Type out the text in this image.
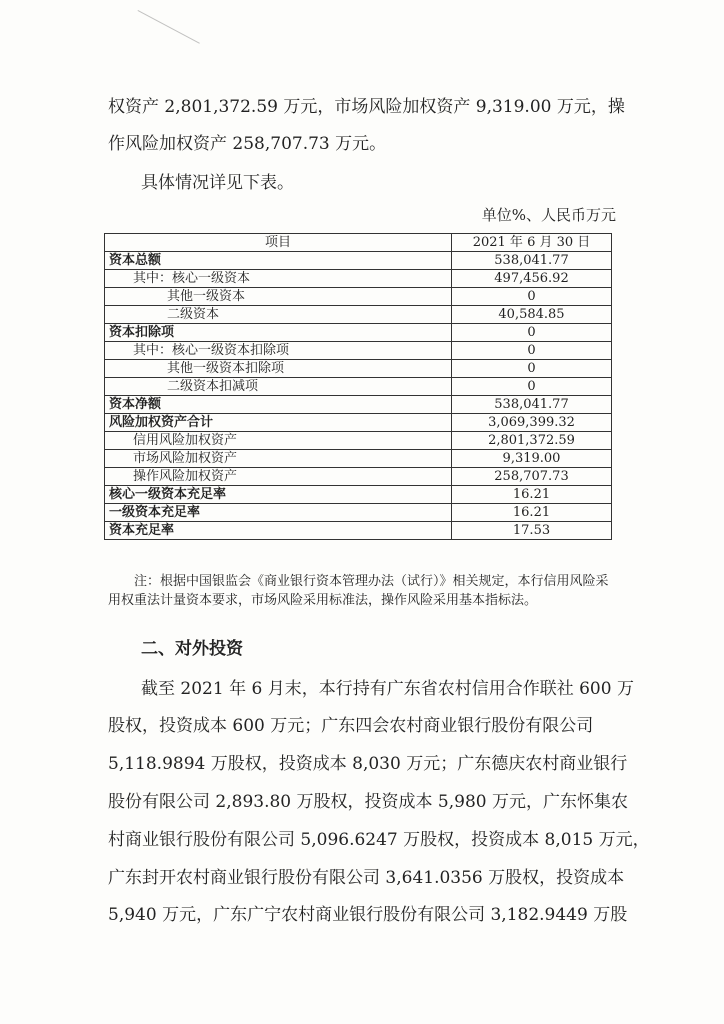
权资产 2,801,372.59 万元，市场风险加权资产 9,319.00 万元，操
作风险加权资产 258,707.73 万元。
具体情况详见下表。
单位%、人民币万元
项目	2021 年 6 月 30 日
资本总额	538,041.77
其中：核心一级资本	497,456.92
其他一级资本	0
二级资本	40,584.85
资本扣除项	0
其中：核心一级资本扣除项	0
其他一级资本扣除项	0
二级资本扣减项	0
资本净额	538,041.77
风险加权资产合计	3,069,399.32
信用风险加权资产	2,801,372.59
市场风险加权资产	9,319.00
操作风险加权资产	258,707.73
核心一级资本充足率	16.21
一级资本充足率	16.21
资本充足率	17.53

注：根据中国银监会《商业银行资本管理办法（试行）》相关规定，本行信用风险采用权重法计量资本要求，市场风险采用标准法，操作风险采用基本指标法。

二、对外投资
截至 2021 年 6 月末，本行持有广东省农村信用合作联社 600 万
股权，投资成本 600 万元；广东四会农村商业银行股份有限公司
5,118.9894 万股权，投资成本 8,030 万元；广东德庆农村商业银行
股份有限公司 2,893.80 万股权，投资成本 5,980 万元，广东怀集农
村商业银行股份有限公司 5,096.6247 万股权，投资成本 8,015 万元，
广东封开农村商业银行股份有限公司 3,641.0356 万股权，投资成本
5,940 万元，广东广宁农村商业银行股份有限公司 3,182.9449 万股
